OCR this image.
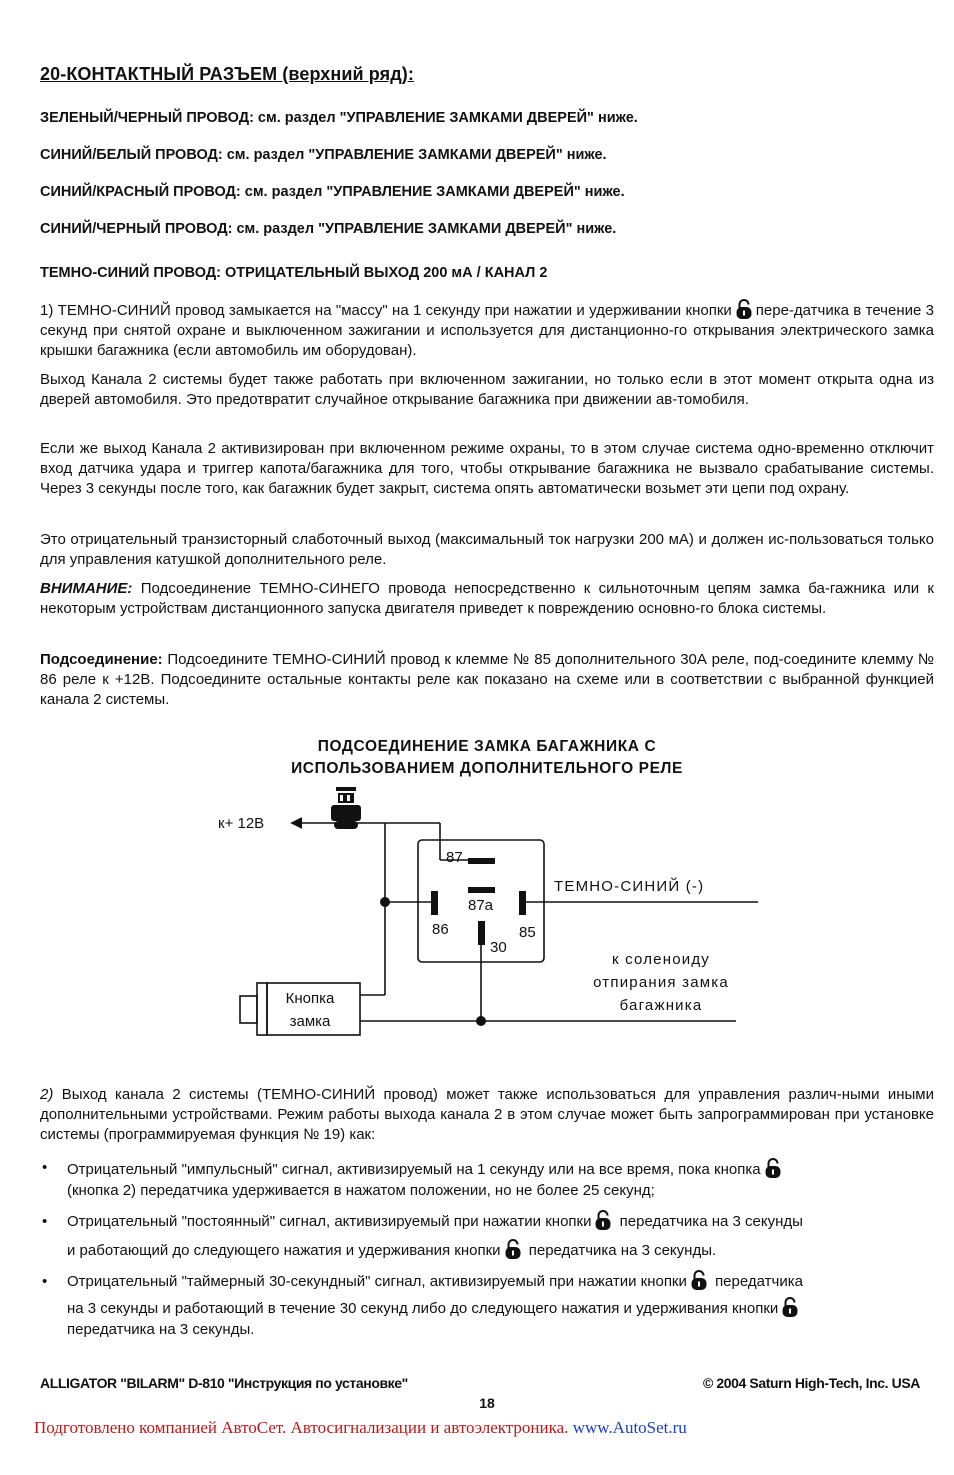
20-КОНТАКТНЫЙ РАЗЪЕМ (верхний ряд):
ЗЕЛЕНЫЙ/ЧЕРНЫЙ ПРОВОД: см. раздел "УПРАВЛЕНИЕ ЗАМКАМИ ДВЕРЕЙ" ниже.
СИНИЙ/БЕЛЫЙ ПРОВОД: см. раздел "УПРАВЛЕНИЕ ЗАМКАМИ ДВЕРЕЙ" ниже.
СИНИЙ/КРАСНЫЙ ПРОВОД: см. раздел "УПРАВЛЕНИЕ ЗАМКАМИ ДВЕРЕЙ" ниже.
СИНИЙ/ЧЕРНЫЙ ПРОВОД: см. раздел "УПРАВЛЕНИЕ ЗАМКАМИ ДВЕРЕЙ" ниже.
ТЕМНО-СИНИЙ ПРОВОД: ОТРИЦАТЕЛЬНЫЙ ВЫХОД 200 мА / КАНАЛ 2

1) ТЕМНО-СИНИЙ провод замыкается на "массу" на 1 секунду при нажатии и удерживании кнопки пере-датчика в течение 3 секунд при снятой охране и выключенном зажигании и используется для дистанционно-го открывания электрического замка крышки багажника (если автомобиль им оборудован).

Выход Канала 2 системы будет также работать при включенном зажигании, но только если в этот момент открыта одна из дверей автомобиля. Это предотвратит случайное открывание багажника при движении ав-томобиля.

Если же выход Канала 2 активизирован при включенном режиме охраны, то в этом случае система одно-временно отключит вход датчика удара и триггер капота/багажника для того, чтобы открывание багажника не вызвало срабатывание системы. Через 3 секунды после того, как багажник будет закрыт, система опять автоматически возьмет эти цепи под охрану.

Это отрицательный транзисторный слаботочный выход (максимальный ток нагрузки 200 мА) и должен ис-пользоваться только для управления катушкой дополнительного реле.

ВНИМАНИЕ: Подсоединение ТЕМНО-СИНЕГО провода непосредственно к сильноточным цепям замка ба-гажника или к некоторым устройствам дистанционного запуска двигателя приведет к повреждению основно-го блока системы.

Подсоединение: Подсоедините ТЕМНО-СИНИЙ провод к клемме № 85 дополнительного 30А реле, под-соедините клемму № 86 реле к +12В. Подсоедините остальные контакты реле как показано на схеме или в соответствии с выбранной функцией канала 2 системы.

ПОДСОЕДИНЕНИЕ ЗАМКА БАГАЖНИКА С
ИСПОЛЬЗОВАНИЕМ ДОПОЛНИТЕЛЬНОГО РЕЛЕ
к+ 12В
87
87а
86	85
30
ТЕМНО-СИНИЙ (-)
к соленоиду
отпирания замка
багажника
Кнопка
замка

2) Выход канала 2 системы (ТЕМНО-СИНИЙ провод) может также использоваться для управления различ-ными иными дополнительными устройствами. Режим работы выхода канала 2 в этом случае может быть запрограммирован при установке системы (программируемая функция № 19) как:

• Отрицательный "импульсный" сигнал, активизируемый на 1 секунду или на все время, пока кнопка
(кнопка 2) передатчика удерживается в нажатом положении, но не более 25 секунд;
• Отрицательный "постоянный" сигнал, активизируемый при нажатии кнопки передатчика на 3 секунды
и работающий до следующего нажатия и удерживания кнопки передатчика на 3 секунды.
• Отрицательный "таймерный 30-секундный" сигнал, активизируемый при нажатии кнопки передатчика
на 3 секунды и работающий в течение 30 секунд либо до следующего нажатия и удерживания кнопки
передатчика на 3 секунды.
ALLIGATOR "BILARM" D-810 "Инструкция по установке"	© 2004 Saturn High-Tech, Inc. USA
18
Подготовлено компанией АвтоСет. Автосигнализации и автоэлектроника. www.AutoSet.ru
